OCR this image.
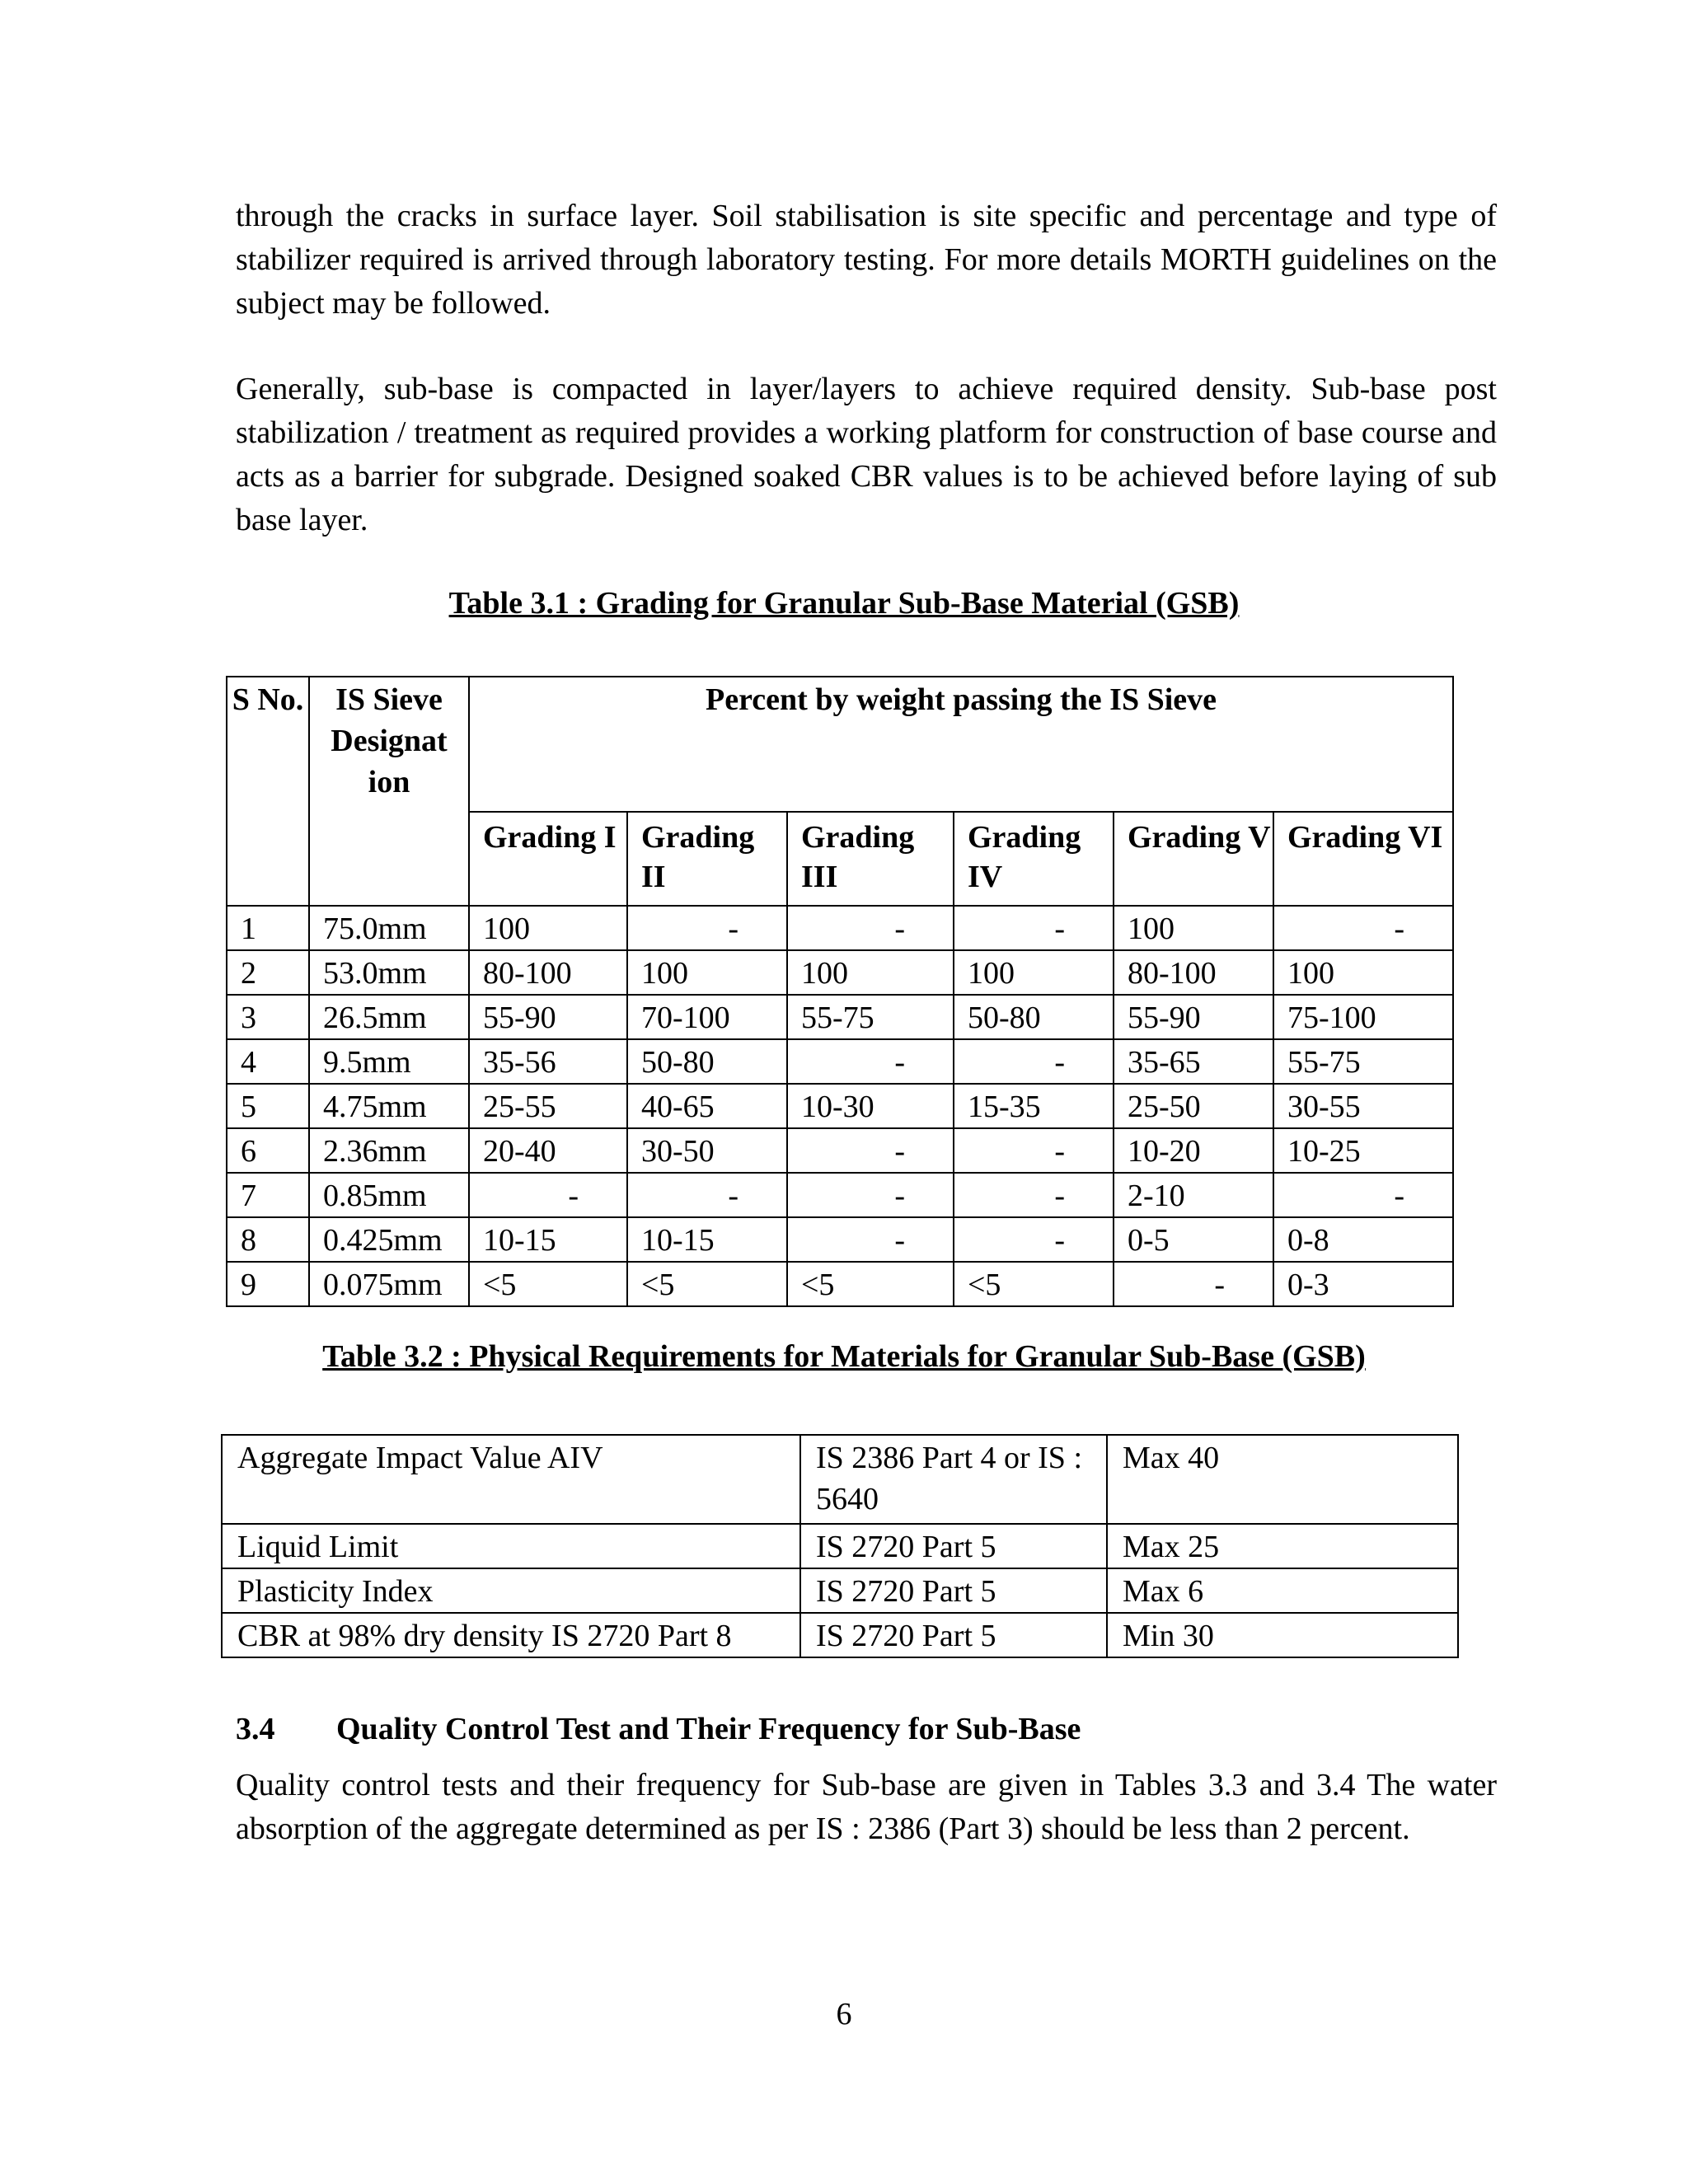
through the cracks in surface layer. Soil stabilisation is site specific and percentage and type of stabilizer required is arrived through laboratory testing. For more details MORTH guidelines on the subject may be followed.

Generally, sub-base is compacted in layer/layers to achieve required density. Sub-base post stabilization / treatment as required provides a working platform for construction of base course and acts as a barrier for subgrade. Designed soaked CBR values is to be achieved before laying of sub base layer.

Table 3.1 : Grading for Granular Sub-Base Material (GSB)

S No.	IS Sieve Designat ion	Percent by weight passing the IS Sieve					
		Grading I	Grading II	Grading III	Grading IV	Grading V	Grading VI
1	75.0mm	100	-	-	-	100	-
2	53.0mm	80-100	100	100	100	80-100	100
3	26.5mm	55-90	70-100	55-75	50-80	55-90	75-100
4	9.5mm	35-56	50-80	-	-	35-65	55-75
5	4.75mm	25-55	40-65	10-30	15-35	25-50	30-55
6	2.36mm	20-40	30-50	-	-	10-20	10-25
7	0.85mm	-	-	-	-	2-10	-
8	0.425mm	10-15	10-15	-	-	0-5	0-8
9	0.075mm	<5	<5	<5	<5	-	0-3

Table 3.2 : Physical Requirements for Materials for Granular Sub-Base (GSB)

Aggregate Impact Value AIV	IS 2386 Part 4 or IS : 5640	Max 40
Liquid Limit	IS 2720 Part 5	Max 25
Plasticity Index	IS 2720 Part 5	Max 6
CBR at 98% dry density IS 2720 Part 8	IS 2720 Part 5	Min 30

3.4 Quality Control Test and Their Frequency for Sub-Base

Quality control tests and their frequency for Sub-base are given in Tables 3.3 and 3.4 The water absorption of the aggregate determined as per IS : 2386 (Part 3) should be less than 2 percent.

6
